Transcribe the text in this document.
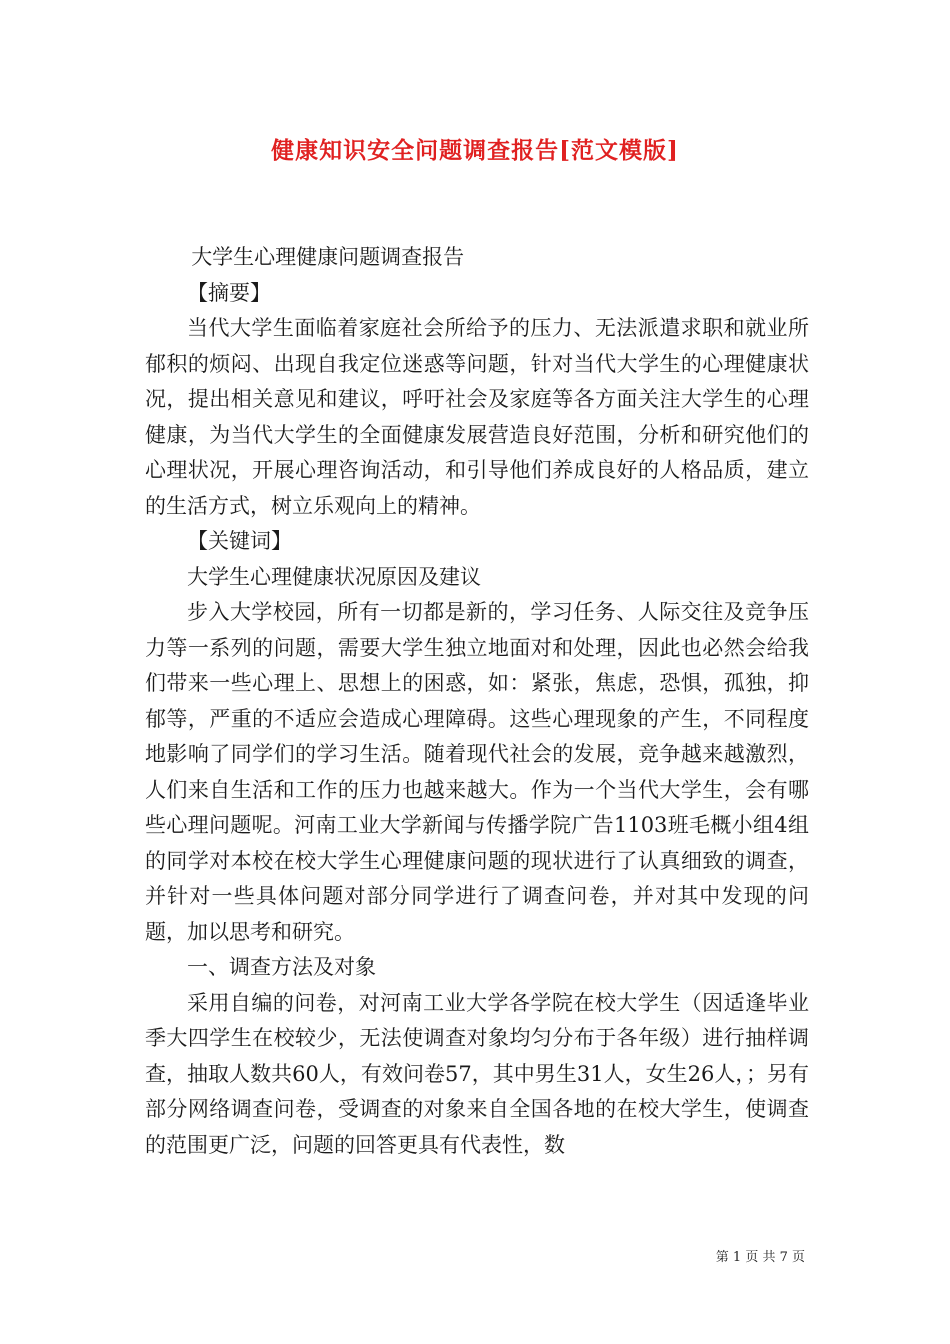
健康知识安全问题调查报告[范文模版]

大学生心理健康问题调查报告

【摘要】

当代大学生面临着家庭社会所给予的压力、无法派遣求职和就业所郁积的烦闷、出现自我定位迷惑等问题，针对当代大学生的心理健康状况，提出相关意见和建议，呼吁社会及家庭等各方面关注大学生的心理健康，为当代大学生的全面健康发展营造良好范围，分析和研究他们的心理状况，开展心理咨询活动，和引导他们养成良好的人格品质，建立的生活方式，树立乐观向上的精神。

【关键词】

大学生心理健康状况原因及建议

步入大学校园，所有一切都是新的，学习任务、人际交往及竞争压力等一系列的问题，需要大学生独立地面对和处理，因此也必然会给我们带来一些心理上、思想上的困惑，如：紧张，焦虑，恐惧，孤独，抑郁等，严重的不适应会造成心理障碍。这些心理现象的产生，不同程度地影响了同学们的学习生活。随着现代社会的发展，竞争越来越激烈，人们来自生活和工作的压力也越来越大。作为一个当代大学生，会有哪些心理问题呢。河南工业大学新闻与传播学院广告1103班毛概小组4组的同学对本校在校大学生心理健康问题的现状进行了认真细致的调查，并针对一些具体问题对部分同学进行了调查问卷，并对其中发现的问题，加以思考和研究。

一、调查方法及对象

采用自编的问卷，对河南工业大学各学院在校大学生（因适逢毕业季大四学生在校较少，无法使调查对象均匀分布于各年级）进行抽样调查，抽取人数共60人，有效问卷57，其中男生31人，女生26人，；另有部分网络调查问卷，受调查的对象来自全国各地的在校大学生，使调查的范围更广泛，问题的回答更具有代表性，数

第 1 页 共 7 页
